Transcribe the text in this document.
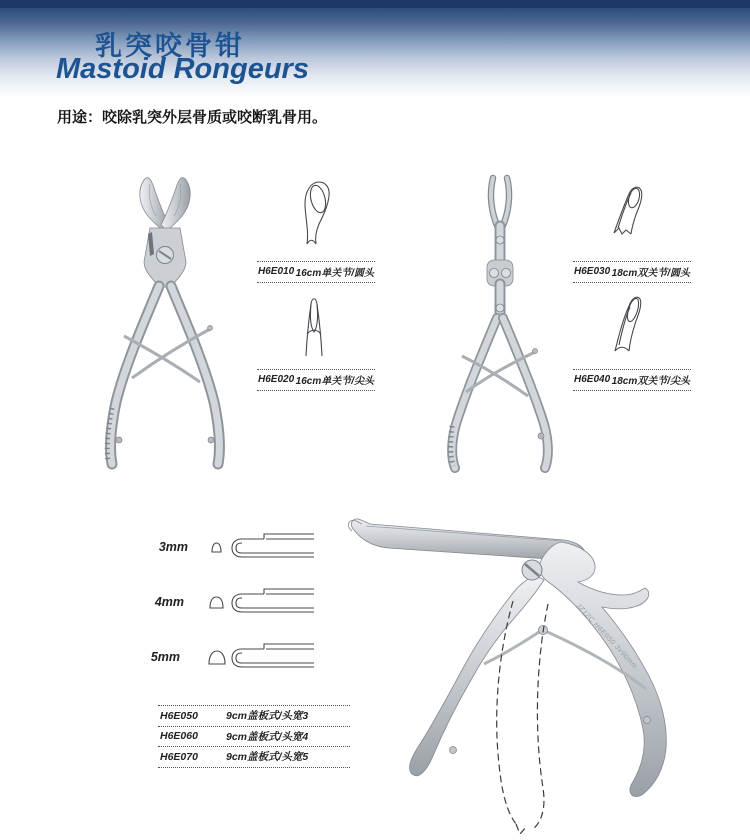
乳突咬骨钳
Mastoid Rongeurs
用途：咬除乳突外层骨质或咬断乳骨用。
H6E010 16cm单关节/圆头
H6E020 16cm单关节/尖头
H6E030 18cm双关节/圆头
H6E040 18cm双关节/尖头
3mm
4mm
5mm
H6E050	9cm盖板式/头宽3
H6E060	9cm盖板式/头宽4
H6E070	9cm盖板式/头宽5
JZ12C H6E050 3x90mm
